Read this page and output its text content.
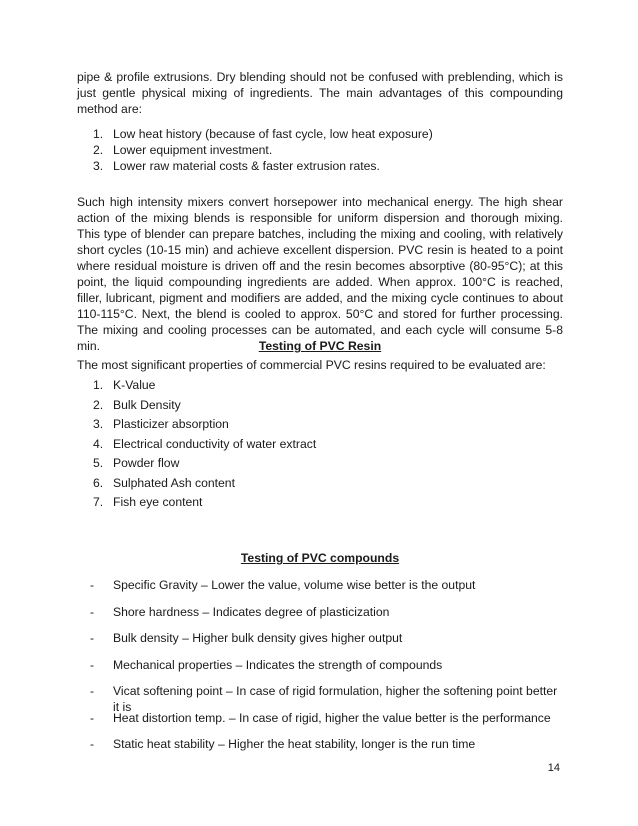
pipe & profile extrusions. Dry blending should not be confused with preblending, which is just gentle physical mixing of ingredients. The main advantages of this compounding method are:

1. Low heat history (because of fast cycle, low heat exposure)
2. Lower equipment investment.
3. Lower raw material costs & faster extrusion rates.

Such high intensity mixers convert horsepower into mechanical energy. The high shear action of the mixing blends is responsible for uniform dispersion and thorough mixing. This type of blender can prepare batches, including the mixing and cooling, with relatively short cycles (10-15 min) and achieve excellent dispersion. PVC resin is heated to a point where residual moisture is driven off and the resin becomes absorptive (80-95°C); at this point, the liquid compounding ingredients are added. When approx. 100°C is reached, filler, lubricant, pigment and modifiers are added, and the mixing cycle continues to about 110-115°C. Next, the blend is cooled to approx. 50°C and stored for further processing. The mixing and cooling processes can be automated, and each cycle will consume 5-8 min.	Testing of PVC Resin

The most significant properties of commercial PVC resins required to be evaluated are:

1. K-Value
2. Bulk Density
3. Plasticizer absorption
4. Electrical conductivity of water extract
5. Powder flow
6. Sulphated Ash content
7. Fish eye content
Testing of PVC compounds
- Specific Gravity – Lower the value, volume wise better is the output
- Shore hardness – Indicates degree of plasticization
- Bulk density – Higher bulk density gives higher output
- Mechanical properties – Indicates the strength of compounds
- Vicat softening point – In case of rigid formulation, higher the softening point better it is
- Heat distortion temp. – In case of rigid, higher the value better is the performance
- Static heat stability – Higher the heat stability, longer is the run time
14
